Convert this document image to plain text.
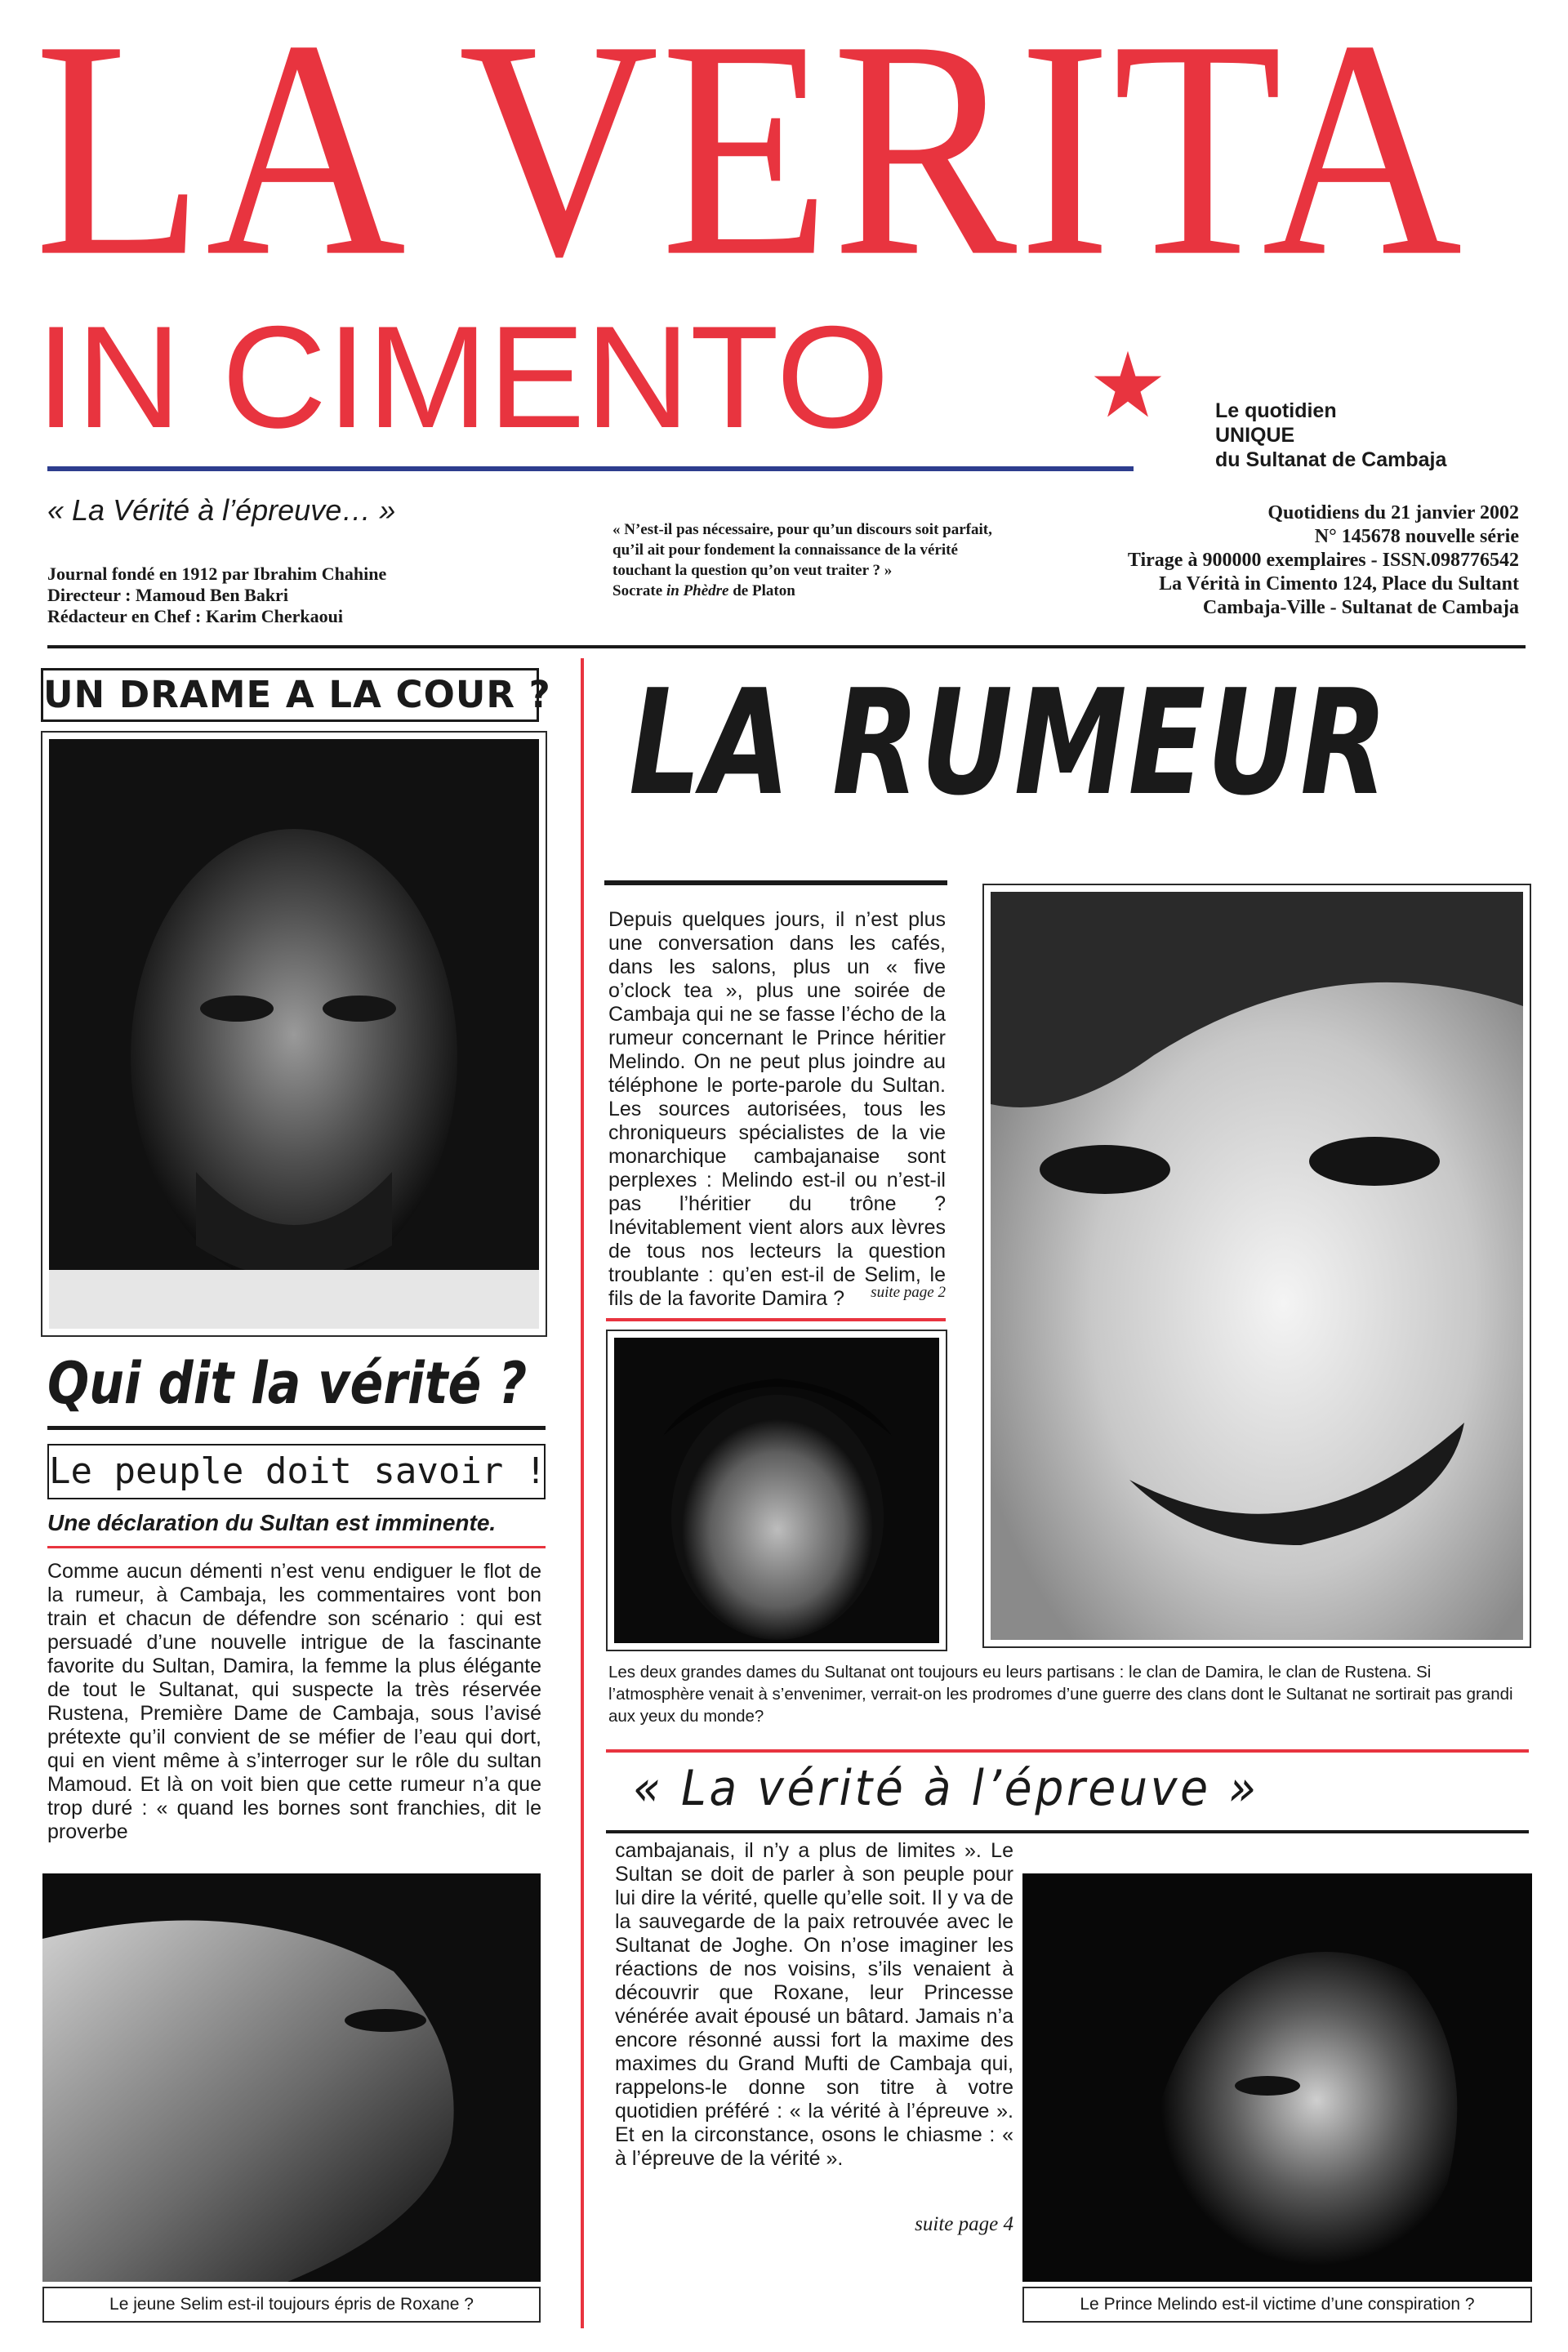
LA VERITA
IN CIMENTO	Le quotidien
UNIQUE
du Sultanat de Cambaja
« La Vérité à l’épreuve… »
Journal fondé en 1912 par Ibrahim Chahine
Directeur : Mamoud Ben Bakri
Rédacteur en Chef : Karim Cherkaoui
« N’est-il pas nécessaire, pour qu’un discours soit parfait, qu’il ait pour fondement la connaissance de la vérité touchant la question qu’on veut traiter ? »
Socrate in Phèdre de Platon
Quotidiens du 21 janvier 2002
N° 145678 nouvelle série
Tirage à 900000 exemplaires - ISSN.098776542
La Vérità in Cimento 124, Place du Sultant
Cambaja-Ville - Sultanat de Cambaja
UN DRAME A LA COUR ?
Qui dit la vérité ?
Le peuple doit savoir !
Une déclaration du Sultan est imminente.
Comme aucun démenti n’est venu endiguer le flot de la rumeur, à Cambaja, les commentaires vont bon train et chacun de défendre son scénario : qui est persuadé d’une nouvelle intrigue de la fascinante favorite du Sultan, Damira, la femme la plus élégante de tout le Sultanat, qui suspecte la très réservée Rustena, Première Dame de Cambaja, sous l’avisé prétexte qu’il convient de se méfier de l’eau qui dort, qui en vient même à s’interroger sur le rôle du sultan Mamoud. Et là on voit bien que cette rumeur n’a que trop duré : « quand les bornes sont franchies, dit le proverbe
Le jeune Selim est-il toujours épris de Roxane ?
LA RUMEUR
Depuis quelques jours, il n’est plus une conversation dans les cafés, dans les salons, plus un « five o’clock tea », plus une soirée de Cambaja qui ne se fasse l’écho de la rumeur concernant le Prince héritier Melindo. On ne peut plus joindre au téléphone le porte-parole du Sultan. Les sources autorisées, tous les chroniqueurs spécialistes de la vie monarchique cambajanaise sont perplexes : Melindo est-il ou n’est-il pas l’héritier du trône ? Inévitablement vient alors aux lèvres de tous nos lecteurs la question troublante : qu’en est-il de Selim, le fils de la favorite Damira ?	suite page 2
Les deux grandes dames du Sultanat ont toujours eu leurs partisans : le clan de Damira, le clan de Rustena. Si l’atmosphère venait à s’envenimer, verrait-on les prodromes d’une guerre des clans dont le Sultanat ne sortirait pas grandi aux yeux du monde?
« La vérité à l’épreuve »
cambajanais, il n’y a plus de limites ». Le Sultan se doit de parler à son peuple pour lui dire la vérité, quelle qu’elle soit. Il y va de la sauvegarde de la paix retrouvée avec le Sultanat de Joghe. On n’ose imaginer les réactions de nos voisins, s’ils venaient à découvrir que Roxane, leur Princesse vénérée avait épousé un bâtard. Jamais n’a encore résonné aussi fort la maxime des maximes du Grand Mufti de Cambaja qui, rappelons-le donne son titre à votre quotidien préféré : « la vérité à l’épreuve ». Et en la circonstance, osons le chiasme : « à l’épreuve de la vérité ».
suite page 4
Le Prince Melindo est-il victime d’une conspiration ?
